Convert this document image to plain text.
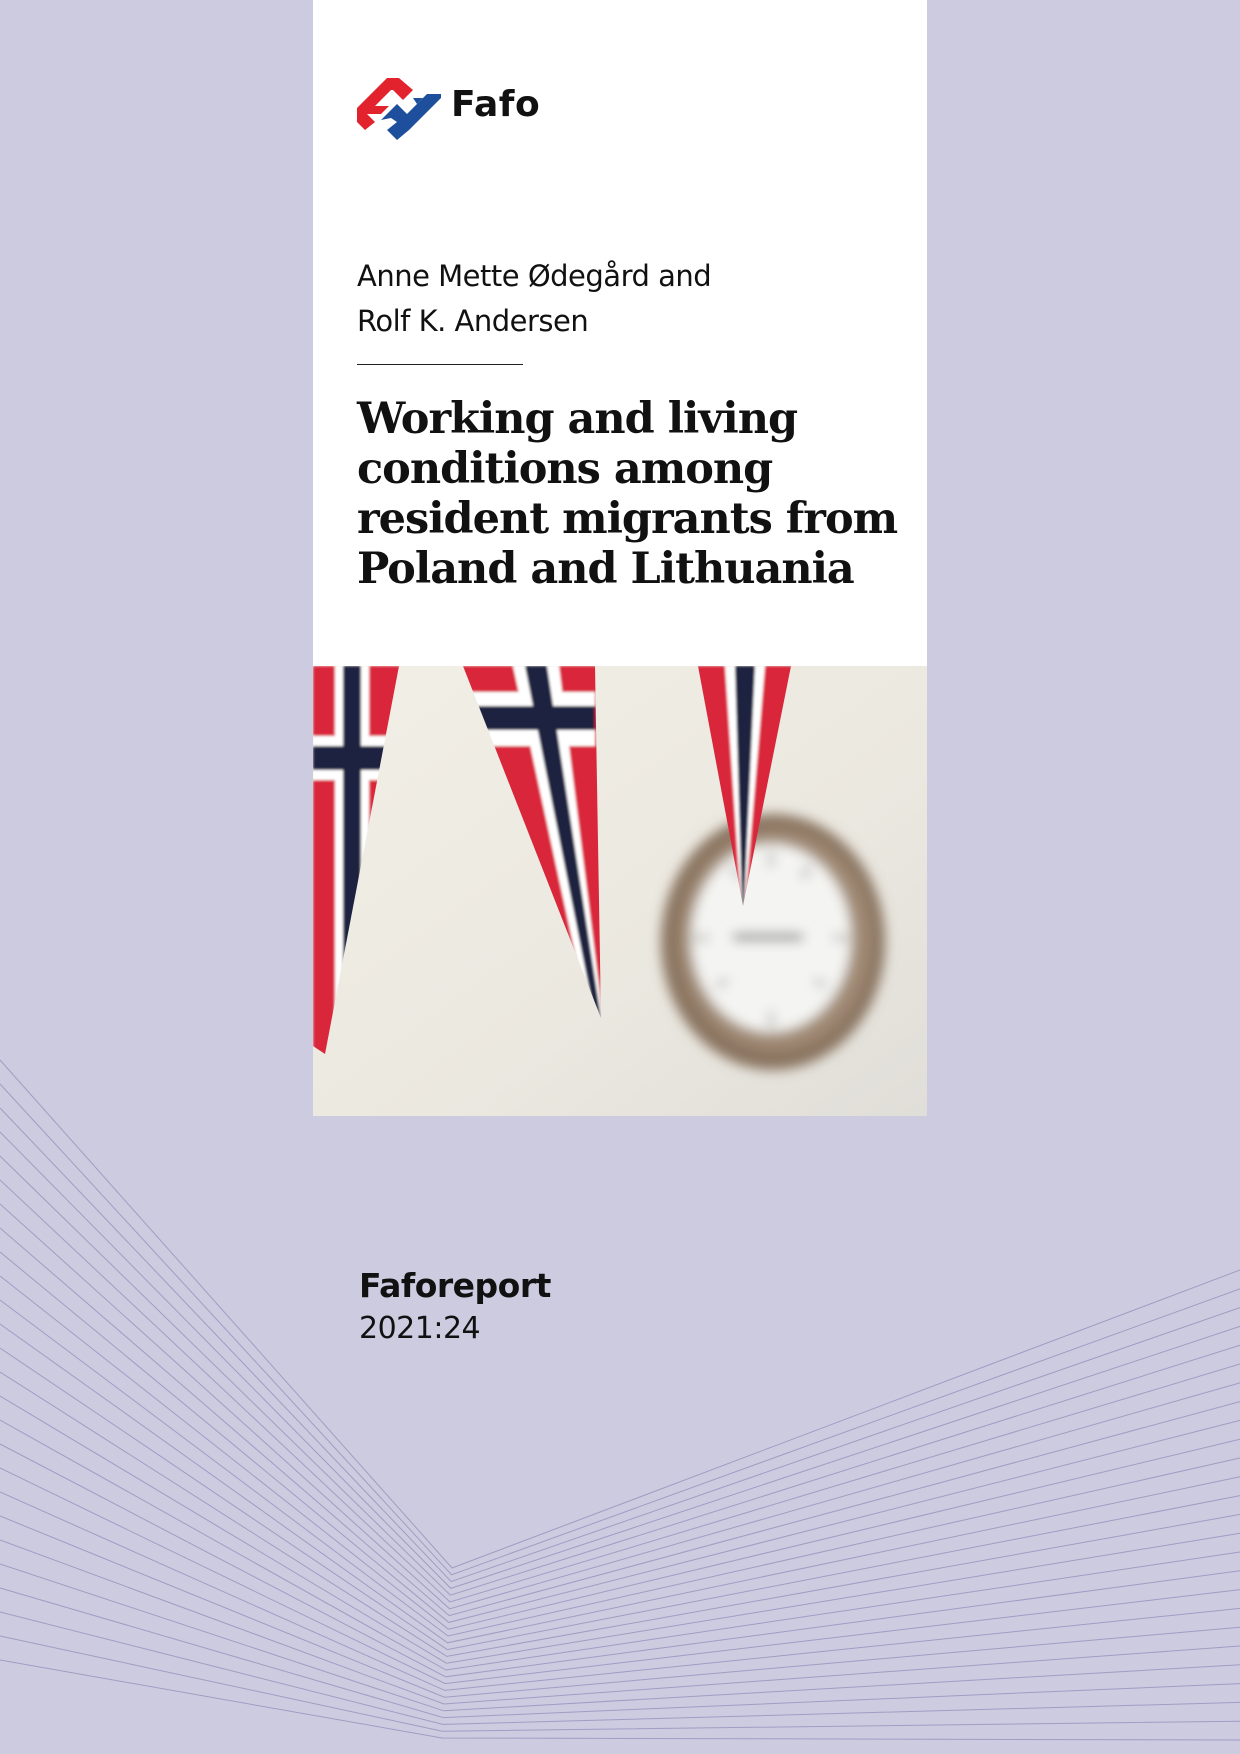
Fafo
Anne Mette Ødegård and
Rolf K. Andersen
Working and living conditions among resident migrants from Poland and Lithuania
Faforeport
2021:24
